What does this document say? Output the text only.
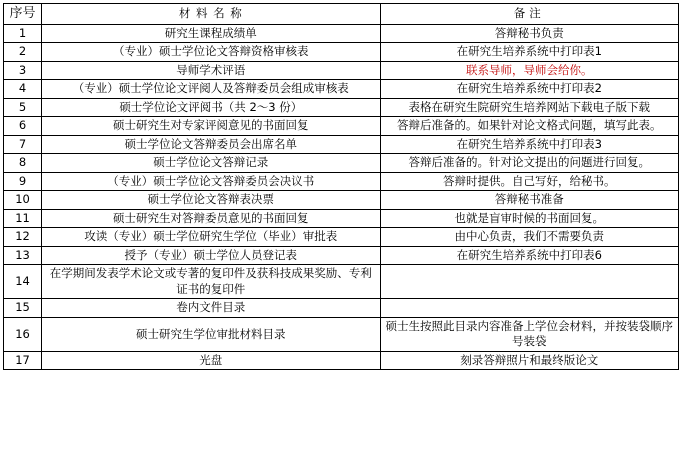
序号	材 料 名 称	备注
1	研究生课程成绩单	答辩秘书负责
2	（专业）硕士学位论文答辩资格审核表	在研究生培养系统中打印表1
3	导师学术评语	联系导师，导师会给你。
4	（专业）硕士学位论文评阅人及答辩委员会组成审核表	在研究生培养系统中打印表2
5	硕士学位论文评阅书（共 2～3 份）	表格在研究生院研究生培养网站下载电子版下载
6	硕士研究生对专家评阅意见的书面回复	答辩后准备的。如果针对论文格式问题，填写此表。
7	硕士学位论文答辩委员会出席名单	在研究生培养系统中打印表3
8	硕士学位论文答辩记录	答辩后准备的。针对论文提出的问题进行回复。
9	（专业）硕士学位论文答辩委员会决议书	答辩时提供。自己写好，给秘书。
10	硕士学位论文答辩表决票	答辩秘书准备
11	硕士研究生对答辩委员意见的书面回复	也就是盲审时候的书面回复。
12	攻读（专业）硕士学位研究生学位（毕业）审批表	由中心负责，我们不需要负责
13	授予（专业）硕士学位人员登记表	在研究生培养系统中打印表6
14	在学期间发表学术论文或专著的复印件及获科技成果奖励、专利证书的复印件	
15	卷内文件目录	
16	硕士研究生学位审批材料目录	硕士生按照此目录内容准备上学位会材料，并按装袋顺序号装袋
17	光盘	刻录答辩照片和最终版论文
